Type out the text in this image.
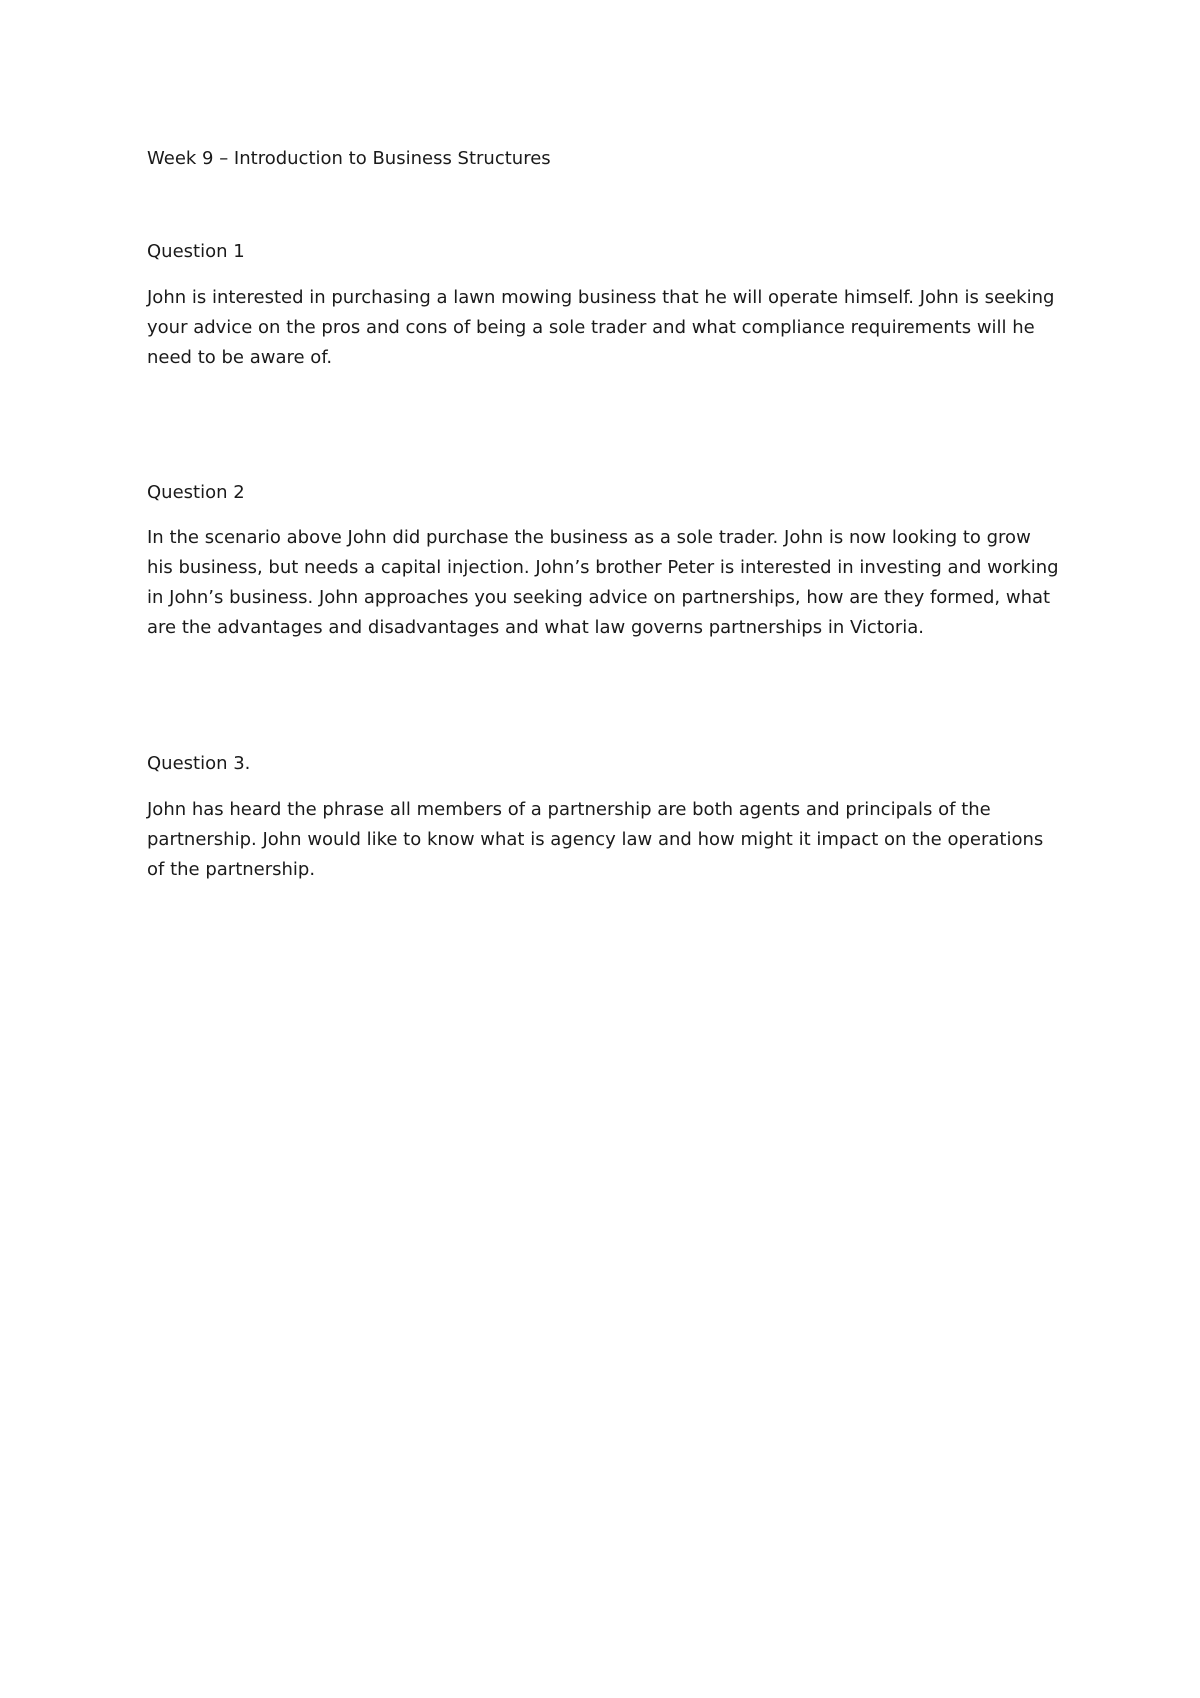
Week 9 – Introduction to Business Structures
Question 1
John is interested in purchasing a lawn mowing business that he will operate himself. John is seeking
your advice on the pros and cons of being a sole trader and what compliance requirements will he
need to be aware of.
Question 2
In the scenario above John did purchase the business as a sole trader. John is now looking to grow
his business, but needs a capital injection. John’s brother Peter is interested in investing and working
in John’s business. John approaches you seeking advice on partnerships, how are they formed, what
are the advantages and disadvantages and what law governs partnerships in Victoria.
Question 3.
John has heard the phrase all members of a partnership are both agents and principals of the
partnership. John would like to know what is agency law and how might it impact on the operations
of the partnership.
